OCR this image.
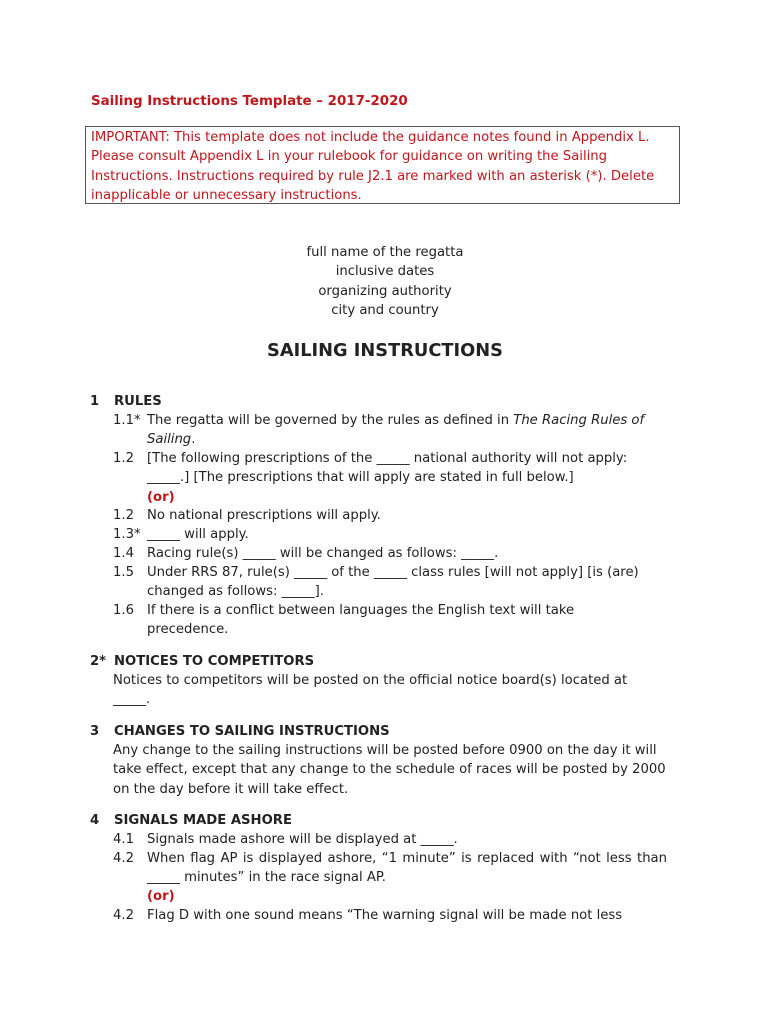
Sailing Instructions Template – 2017-2020
IMPORTANT: This template does not include the guidance notes found in Appendix L. Please consult Appendix L in your rulebook for guidance on writing the Sailing Instructions. Instructions required by rule J2.1 are marked with an asterisk (*). Delete inapplicable or unnecessary instructions.
full name of the regatta
inclusive dates
organizing authority
city and country
SAILING INSTRUCTIONS
1 RULES
1.1* The regatta will be governed by the rules as defined in The Racing Rules of Sailing.
1.2 [The following prescriptions of the _____ national authority will not apply: _____.] [The prescriptions that will apply are stated in full below.]
(or)
1.2 No national prescriptions will apply.
1.3* _____ will apply.
1.4 Racing rule(s) _____ will be changed as follows: _____.
1.5 Under RRS 87, rule(s) _____ of the _____ class rules [will not apply] [is (are) changed as follows: _____].
1.6 If there is a conflict between languages the English text will take precedence.
2* NOTICES TO COMPETITORS
Notices to competitors will be posted on the official notice board(s) located at _____.
3 CHANGES TO SAILING INSTRUCTIONS
Any change to the sailing instructions will be posted before 0900 on the day it will take effect, except that any change to the schedule of races will be posted by 2000 on the day before it will take effect.
4 SIGNALS MADE ASHORE
4.1 Signals made ashore will be displayed at _____.
4.2 When flag AP is displayed ashore, “1 minute” is replaced with “not less than _____ minutes” in the race signal AP.
(or)
4.2 Flag D with one sound means “The warning signal will be made not less
